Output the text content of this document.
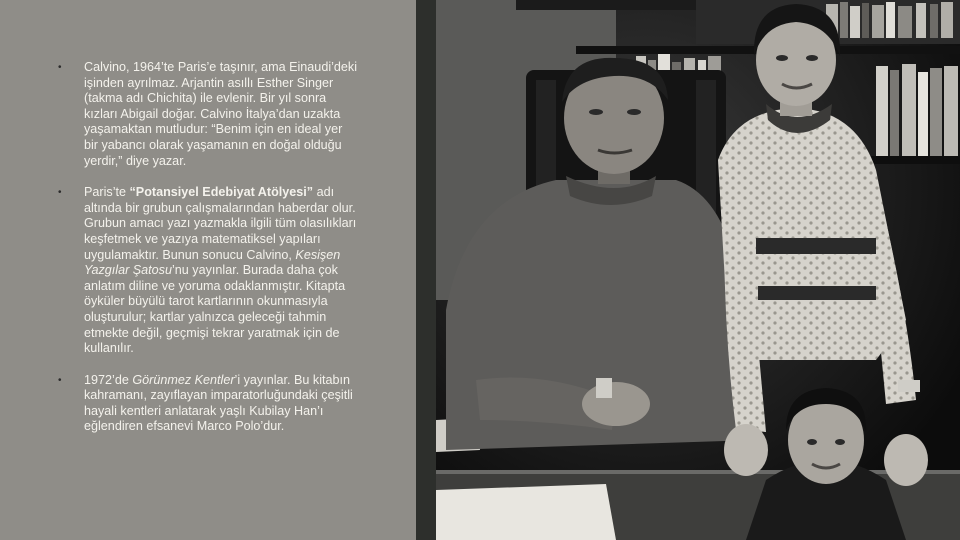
• Calvino, 1964’te Paris’e taşınır, ama Einaudi’deki işinden ayrılmaz. Arjantin asıllı Esther Singer (takma adı Chichita) ile evlenir. Bir yıl sonra kızları Abigail doğar. Calvino İtalya’dan uzakta yaşamaktan mutludur: “Benim için en ideal yer bir yabancı olarak yaşamanın en doğal olduğu yerdir,” diye yazar.
• Paris’te “Potansiyel Edebiyat Atölyesi” adı altında bir grubun çalışmalarından haberdar olur. Grubun amacı yazı yazmakla ilgili tüm olasılıkları keşfetmek ve yazıya matematiksel yapıları uygulamaktır. Bunun sonucu Calvino, Kesişen Yazgılar Şatosu’nu yayınlar. Burada daha çok anlatım diline ve yoruma odaklanmıştır. Kitapta öyküler büyülü tarot kartlarının okunmasıyla oluşturulur; kartlar yalnızca geleceği tahmin etmekte değil, geçmişi tekrar yaratmak için de kullanılır.
• 1972’de Görünmez Kentler’i yayınlar. Bu kitabın kahramanı, zayıflayan imparatorluğundaki çeşitli hayali kentleri anlatarak yaşlı Kubilay Han’ı eğlendiren efsanevi Marco Polo’dur.
